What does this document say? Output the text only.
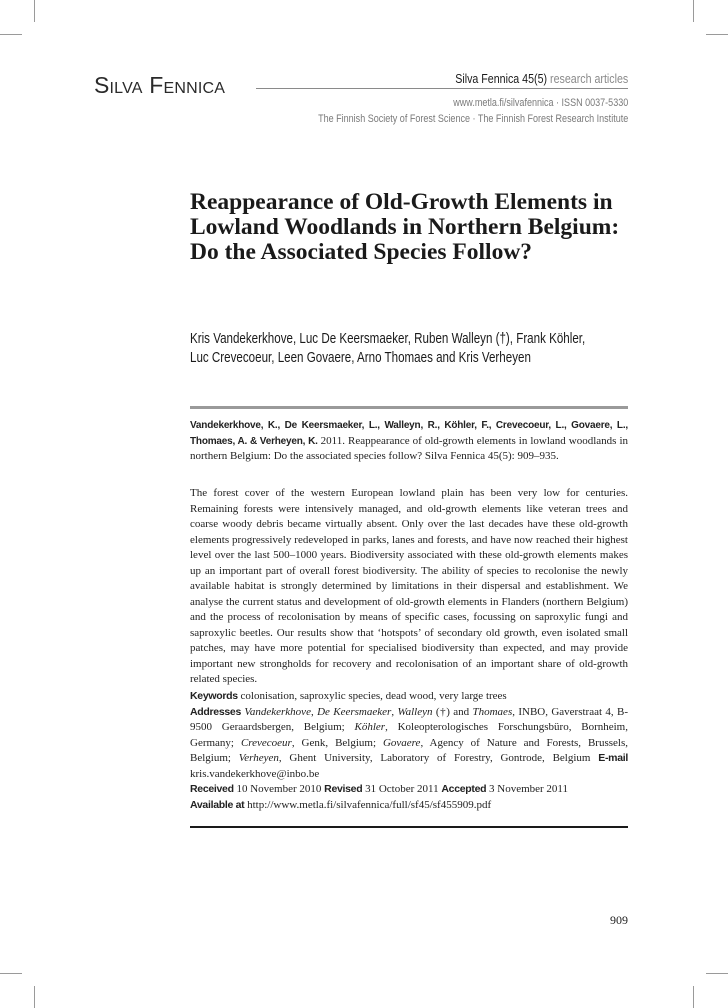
Silva Fennica	Silva Fennica 45(5) research articles
www.metla.fi/silvafennica · ISSN 0037-5330
The Finnish Society of Forest Science · The Finnish Forest Research Institute
Reappearance of Old-Growth Elements in Lowland Woodlands in Northern Belgium: Do the Associated Species Follow?
Kris Vandekerkhove, Luc De Keersmaeker, Ruben Walleyn (†), Frank Köhler,
Luc Crevecoeur, Leen Govaere, Arno Thomaes and Kris Verheyen
Vandekerkhove, K., De Keersmaeker, L., Walleyn, R., Köhler, F., Crevecoeur, L., Govaere, L., Thomaes, A. & Verheyen, K. 2011. Reappearance of old-growth elements in lowland woodlands in northern Belgium: Do the associated species follow? Silva Fennica 45(5): 909–935.
The forest cover of the western European lowland plain has been very low for centuries. Remaining forests were intensively managed, and old-growth elements like veteran trees and coarse woody debris became virtually absent. Only over the last decades have these old-growth elements progressively redeveloped in parks, lanes and forests, and have now reached their highest level over the last 500–1000 years. Biodiversity associated with these old-growth elements makes up an important part of overall forest biodiversity. The ability of species to recolonise the newly available habitat is strongly determined by limitations in their dispersal and establishment. We analyse the current status and development of old-growth elements in Flanders (northern Belgium) and the process of recolonisation by means of specific cases, focussing on saproxylic fungi and saproxylic beetles. Our results show that ‘hotspots’ of secondary old growth, even isolated small patches, may have more potential for specialised biodiversity than expected, and may provide important new strongholds for recovery and recolonisation of an important share of old-growth related species.
Keywords colonisation, saproxylic species, dead wood, very large trees
Addresses Vandekerkhove, De Keersmaeker, Walleyn (†) and Thomaes, INBO, Gaverstraat 4, B-9500 Geraardsbergen, Belgium; Köhler, Koleopterologisches Forschungsbüro, Bornheim, Germany; Crevecoeur, Genk, Belgium; Govaere, Agency of Nature and Forests, Brussels, Belgium; Verheyen, Ghent University, Laboratory of Forestry, Gontrode, Belgium E-mail kris.vandekerkhove@inbo.be
Received 10 November 2010 Revised 31 October 2011 Accepted 3 November 2011
Available at http://www.metla.fi/silvafennica/full/sf45/sf455909.pdf
909
